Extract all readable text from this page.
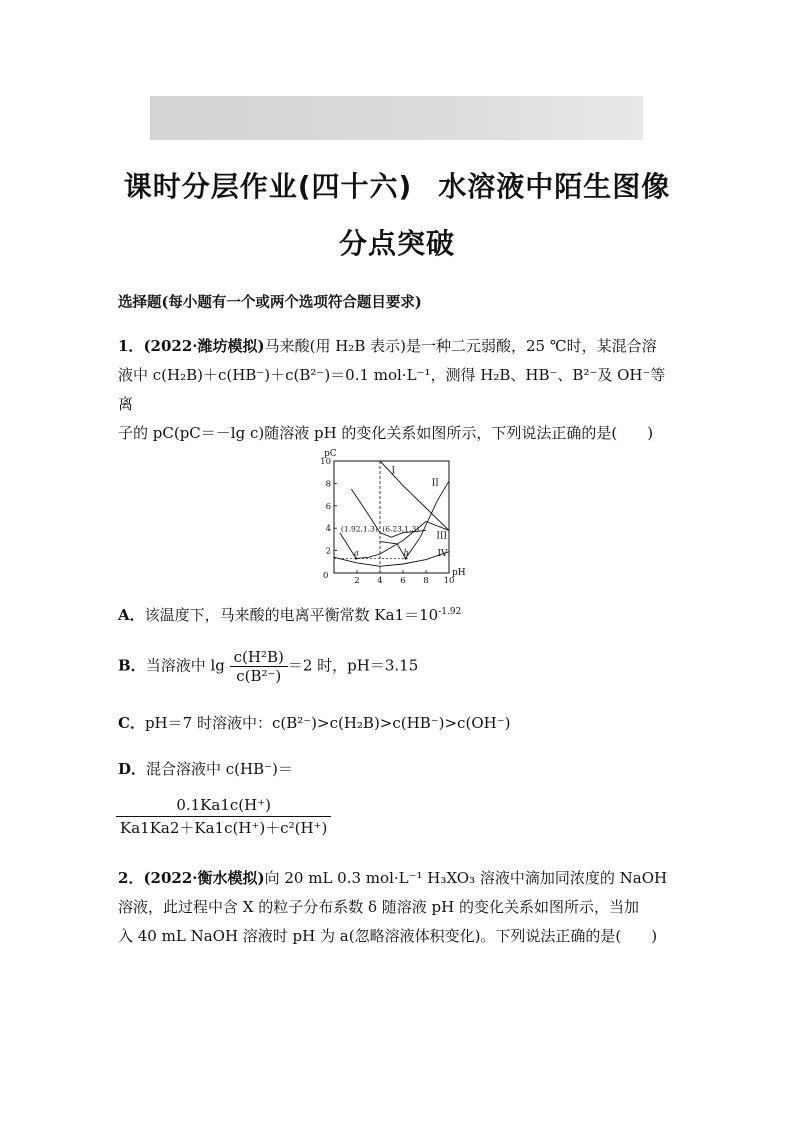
课时分层作业(四十六) 水溶液中陌生图像
分点突破
选择题(每小题有一个或两个选项符合题目要求)
1．(2022·潍坊模拟)马来酸(用 H₂B 表示)是一种二元弱酸，25 ℃时，某混合溶
液中 c(H₂B)＋c(HB⁻)＋c(B²⁻)＝0.1 mol·L⁻¹，测得 H₂B、HB⁻、B²⁻及 OH⁻等离
子的 pC(pC＝－lg c)随溶液 pH 的变化关系如图所示，下列说法正确的是(　　)
pC
pH
0	2 4 6 8 10
2
4
6
8
10
I
II
III
IV
(1.92,1.3)
a
(6.23,1.3)
b
A．该温度下，马来酸的电离平衡常数 $Ka1=10^{-1.92}$
B．当溶液中 $\lg \frac{\text{c(H²B)}}{\text{c(B²⁻)}} =2$ 时，pH＝3.15
C．pH＝7 时溶液中：c(B²⁻)>c(H₂B)>c(HB⁻)>c(OH⁻)
D．混合溶液中 c(HB⁻)＝
$\frac{0.1Ka1c(H^+)}{\text{Ka1Ka2＋Ka1c(H⁺)＋c²(H⁺)}}$
2．(2022·衡水模拟)向 20 mL 0.3 mol·L⁻¹ H₃XO₃ 溶液中滴加同浓度的 NaOH
溶液，此过程中含 X 的粒子分布系数 δ 随溶液 pH 的变化关系如图所示，当加
入 40 mL NaOH 溶液时 pH 为 a(忽略溶液体积变化)。下列说法正确的是(　　)
